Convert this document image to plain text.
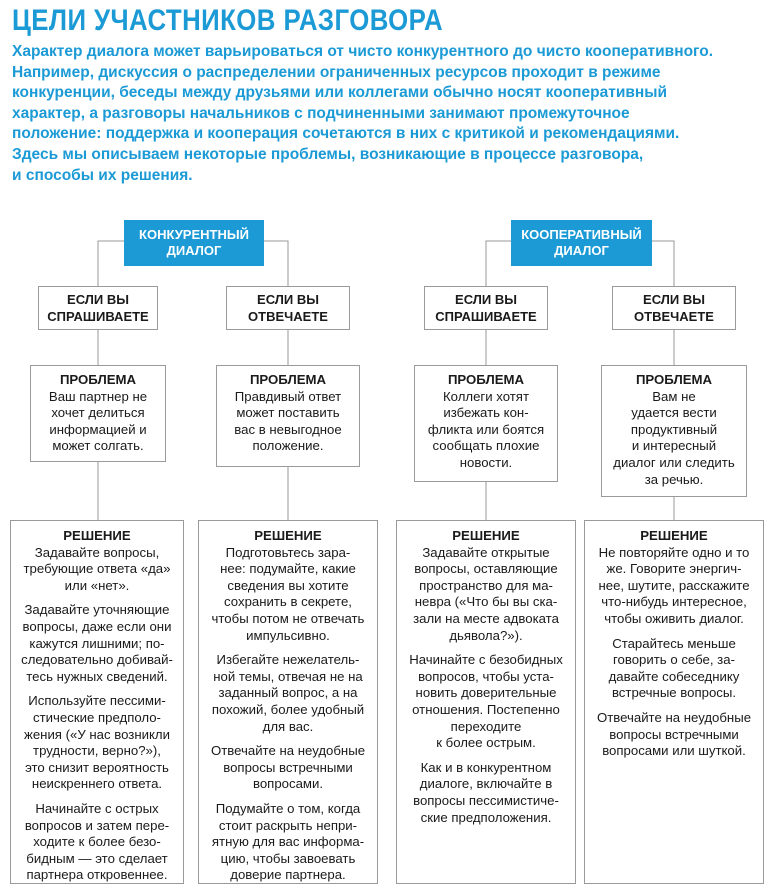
ЦЕЛИ УЧАСТНИКОВ РАЗГОВОРА
Характер диалога может варьироваться от чисто конкурентного до чисто кооперативного.
Например, дискуссия о распределении ограниченных ресурсов проходит в режиме
конкуренции, беседы между друзьями или коллегами обычно носят кооперативный
характер, а разговоры начальников с подчиненными занимают промежуточное
положение: поддержка и кооперация сочетаются в них с критикой и рекомендациями.
Здесь мы описываем некоторые проблемы, возникающие в процессе разговора,
и способы их решения.
КОНКУРЕНТНЫЙ
ДИАЛОГ
ЕСЛИ ВЫ
СПРАШИВАЕТЕ
ЕСЛИ ВЫ
ОТВЕЧАЕТЕ
ПРОБЛЕМА
Ваш партнер не
хочет делиться
информацией и
может солгать.
ПРОБЛЕМА
Правдивый ответ
может поставить
вас в невыгодное
положение.
РЕШЕНИЕ

Задавайте вопросы,
требующие ответа «да»
или «нет».

Задавайте уточняющие
вопросы, даже если они
кажутся лишними; по-
следовательно добивай-
тесь нужных сведений.

Используйте пессими-
стические предполо-
жения («У нас возникли
трудности, верно?»),
это снизит вероятность
неискреннего ответа.

Начинайте с острых
вопросов и затем пере-
ходите к более безо-
бидным — это сделает
партнера откровеннее.

РЕШЕНИЕ

Подготовьтесь зара-
нее: подумайте, какие
сведения вы хотите
сохранить в секрете,
чтобы потом не отвечать
импульсивно.

Избегайте нежелатель-
ной темы, отвечая не на
заданный вопрос, а на
похожий, более удобный
для вас.

Отвечайте на неудобные
вопросы встречными
вопросами.

Подумайте о том, когда
стоит раскрыть непри-
ятную для вас информа-
цию, чтобы завоевать
доверие партнера.

КООПЕРАТИВНЫЙ
ДИАЛОГ
ЕСЛИ ВЫ
СПРАШИВАЕТЕ
ЕСЛИ ВЫ
ОТВЕЧАЕТЕ
ПРОБЛЕМА
Коллеги хотят
избежать кон-
фликта или боятся
сообщать плохие
новости.
ПРОБЛЕМА
Вам не
удается вести
продуктивный
и интересный
диалог или следить
за речью.
РЕШЕНИЕ

Задавайте открытые
вопросы, оставляющие
пространство для ма-
невра («Что бы вы ска-
зали на месте адвоката
дьявола?»).

Начинайте с безобидных
вопросов, чтобы уста-
новить доверительные
отношения. Постепенно
переходите
к более острым.

Как и в конкурентном
диалоге, включайте в
вопросы пессимистиче-
ские предположения.

РЕШЕНИЕ

Не повторяйте одно и то
же. Говорите энергич-
нее, шутите, расскажите
что-нибудь интересное,
чтобы оживить диалог.

Старайтесь меньше
говорить о себе, за-
давайте собеседнику
встречные вопросы.

Отвечайте на неудобные
вопросы встречными
вопросами или шуткой.
